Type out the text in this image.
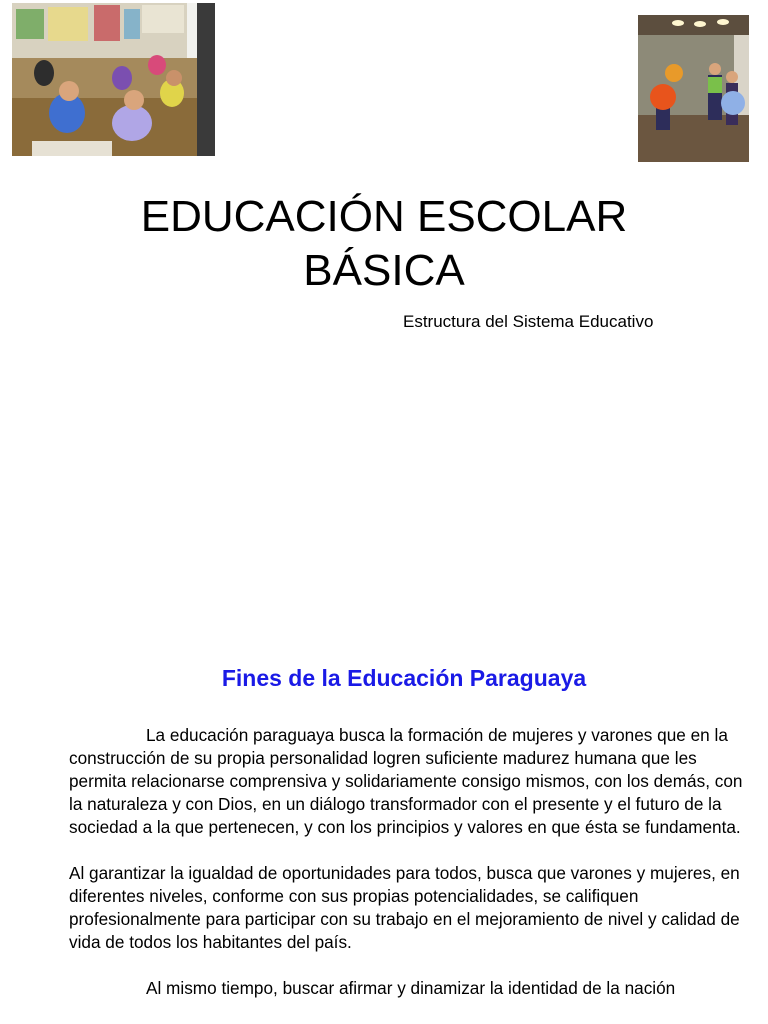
EDUCACIÓN ESCOLAR
BÁSICA

Estructura del Sistema Educativo

Fines de la Educación Paraguaya

La educación paraguaya busca la formación de mujeres y varones que en la construcción de su propia personalidad logren suficiente madurez humana que les permita relacionarse comprensiva y solidariamente consigo mismos, con los demás, con la naturaleza y con Dios, en un diálogo transformador con el presente y el futuro de la sociedad a la que pertenecen, y con los principios y valores en que ésta se fundamenta.

Al garantizar la igualdad de oportunidades para todos, busca que varones y mujeres, en diferentes niveles, conforme con sus propias potencialidades, se califiquen profesionalmente para participar con su trabajo en el mejoramiento de nivel y calidad de vida de todos los habitantes del país.

Al mismo tiempo, buscar afirmar y dinamizar la identidad de la nación
